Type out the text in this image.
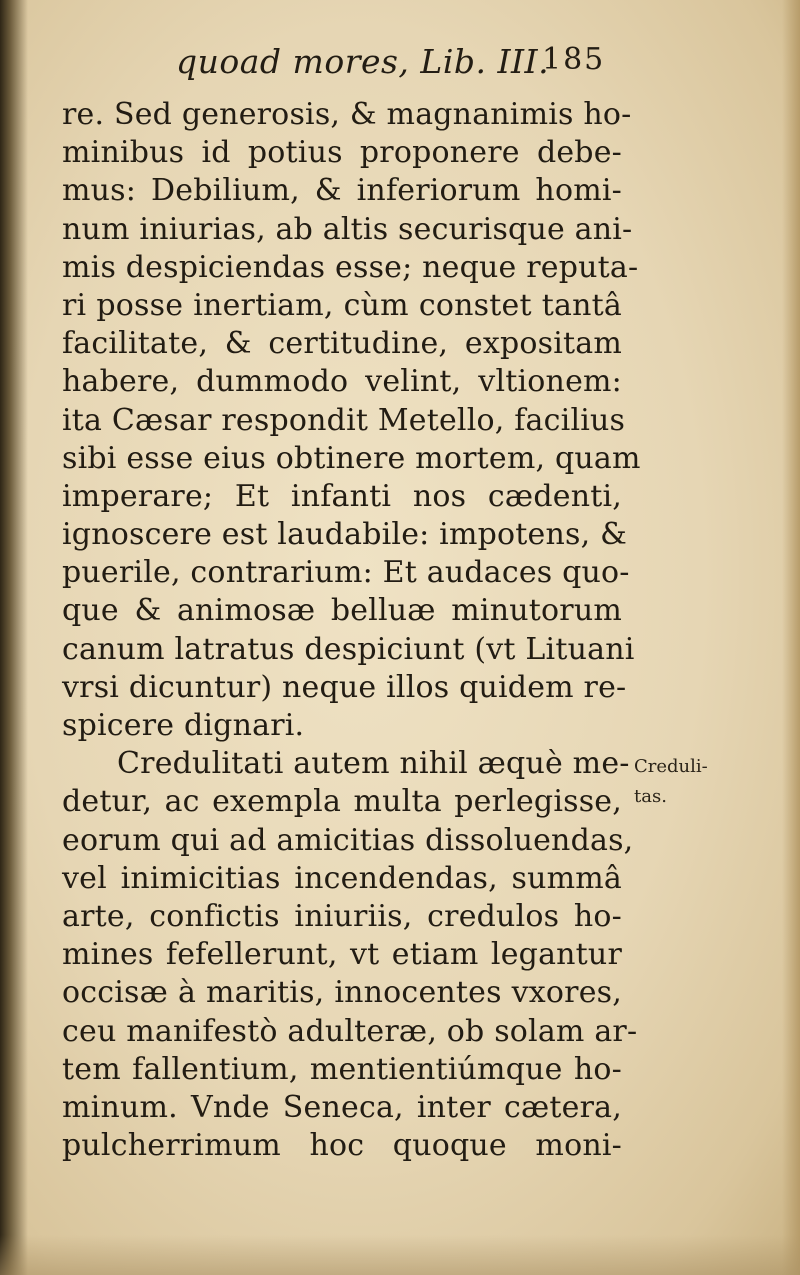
quoad mores, Lib. III.
185
re. Sed generosis, & magnanimis ho-
minibus id potius proponere debe-
mus: Debilium, & inferiorum homi-
num iniurias, ab altis securisque ani-
mis despiciendas esse; neque reputa-
ri posse inertiam, cùm constet tantâ
facilitate, & certitudine, expositam
habere, dummodo velint, vltionem:
ita Cæsar respondit Metello, facilius
sibi esse eius obtinere mortem, quam
imperare; Et infanti nos cædenti,
ignoscere est laudabile: impotens, &
puerile, contrarium: Et audaces quo-
que & animosæ belluæ minutorum
canum latratus despiciunt (vt Lituani
vrsi dicuntur) neque illos quidem re-
spicere dignari.
Credulitati autem nihil æquè me-
detur, ac exempla multa perlegisse,
eorum qui ad amicitias dissoluendas,
vel inimicitias incendendas, summâ
arte, confictis iniuriis, credulos ho-
mines fefellerunt, vt etiam legantur
occisæ à maritis, innocentes vxores,
ceu manifestò adulteræ, ob solam ar-
tem fallentium, mentientiúmque ho-
minum. Vnde Seneca, inter cætera,
pulcherrimum hoc quoque moni-
Creduli-
tas.
